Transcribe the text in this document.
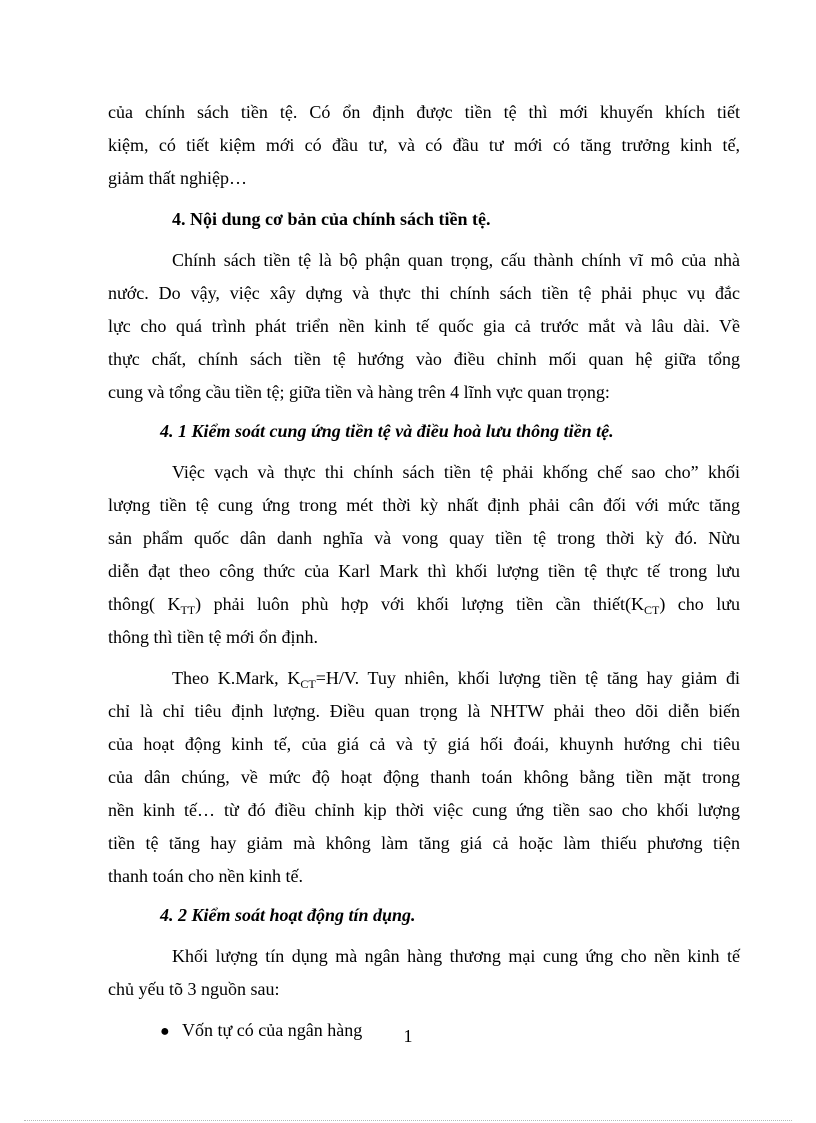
của chính sách tiền tệ. Có ổn định được tiền tệ thì mới khuyến khích tiết

kiệm, có tiết kiệm mới có đầu tư, và có đầu tư mới có tăng trưởng kinh tế,

giảm thất nghiệp…

4. Nội dung cơ bản của chính sách tiền tệ.

Chính sách tiền tệ là bộ phận quan trọng, cấu thành chính vĩ mô của nhà

nước. Do vậy, việc xây dựng và thực thi chính sách tiền tệ phải phục vụ đắc

lực cho quá trình phát triển nền kinh tế quốc gia cả trước mắt và lâu dài. Về

thực chất, chính sách tiền tệ hướng vào điều chỉnh mối quan hệ giữa tổng

cung và tổng cầu tiền tệ; giữa tiền và hàng trên 4 lĩnh vực quan trọng:

4. 1 Kiểm soát cung ứng tiền tệ và điều hoà lưu thông tiền tệ.

Việc vạch và thực thi chính sách tiền tệ phải khống chế sao cho” khối

lượng tiền tệ cung ứng trong mét thời kỳ nhất định phải cân đối với mức tăng

sản phẩm quốc dân danh nghĩa và vong quay tiền tệ trong thời kỳ đó. Nừu

diễn đạt theo công thức của Karl Mark thì khối lượng tiền tệ thực tế trong lưu

thông( $K_{TT}$) phải luôn phù hợp với khối lượng tiền cần $thiết(K_{CT})$ cho lưu

thông thì tiền tệ mới ổn định.

Theo K.Mark, $K_{CT}=H/V$. Tuy nhiên, khối lượng tiền tệ tăng hay giảm đi

chỉ là chỉ tiêu định lượng. Điều quan trọng là NHTW phải theo dõi diễn biến

của hoạt động kinh tế, của giá cả và tỷ giá hối đoái, khuynh hướng chi tiêu

của dân chúng, về mức độ hoạt động thanh toán không bằng tiền mặt trong

nền kinh tế… từ đó điều chỉnh kịp thời việc cung ứng tiền sao cho khối lượng

tiền tệ tăng hay giảm mà không làm tăng giá cả hoặc làm thiếu phương tiện

thanh toán cho nền kinh tế.

4. 2 Kiểm soát hoạt động tín dụng.

Khối lượng tín dụng mà ngân hàng thương mại cung ứng cho nền kinh tế

chủ yếu tõ 3 nguồn sau:

● Vốn tự có của ngân hàng	1
